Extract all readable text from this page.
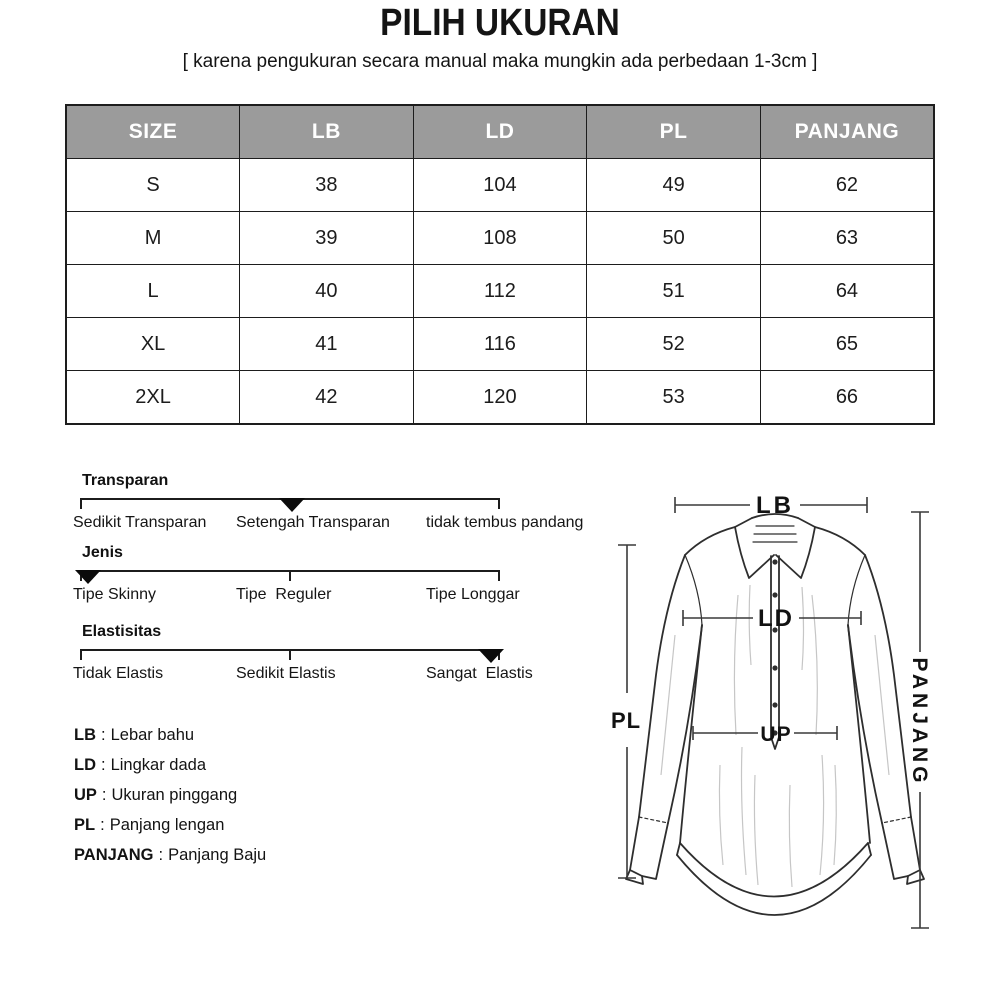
PILIH UKURAN

[ karena pengukuran secara manual maka mungkin ada perbedaan 1-3cm ]

SIZE	LB	LD	PL	PANJANG
S	38	104	49	62
M	39	108	50	63
L	40	112	51	64
XL	41	116	52	65
2XL	42	120	53	66
Transparan
Sedikit Transparan Setengah Transparan tidak tembus pandang
Jenis
Tipe Skinny	Tipe  Reguler	Tipe Longgar
Elastisitas
Tidak Elastis	Sedikit Elastis	Sangat  Elastis
LB : Lebar bahu
LD : Lingkar dada
UP : Ukuran pinggang
PL : Panjang lengan
PANJANG : Panjang Baju
LB
LD
UP
PL	PANJANG
